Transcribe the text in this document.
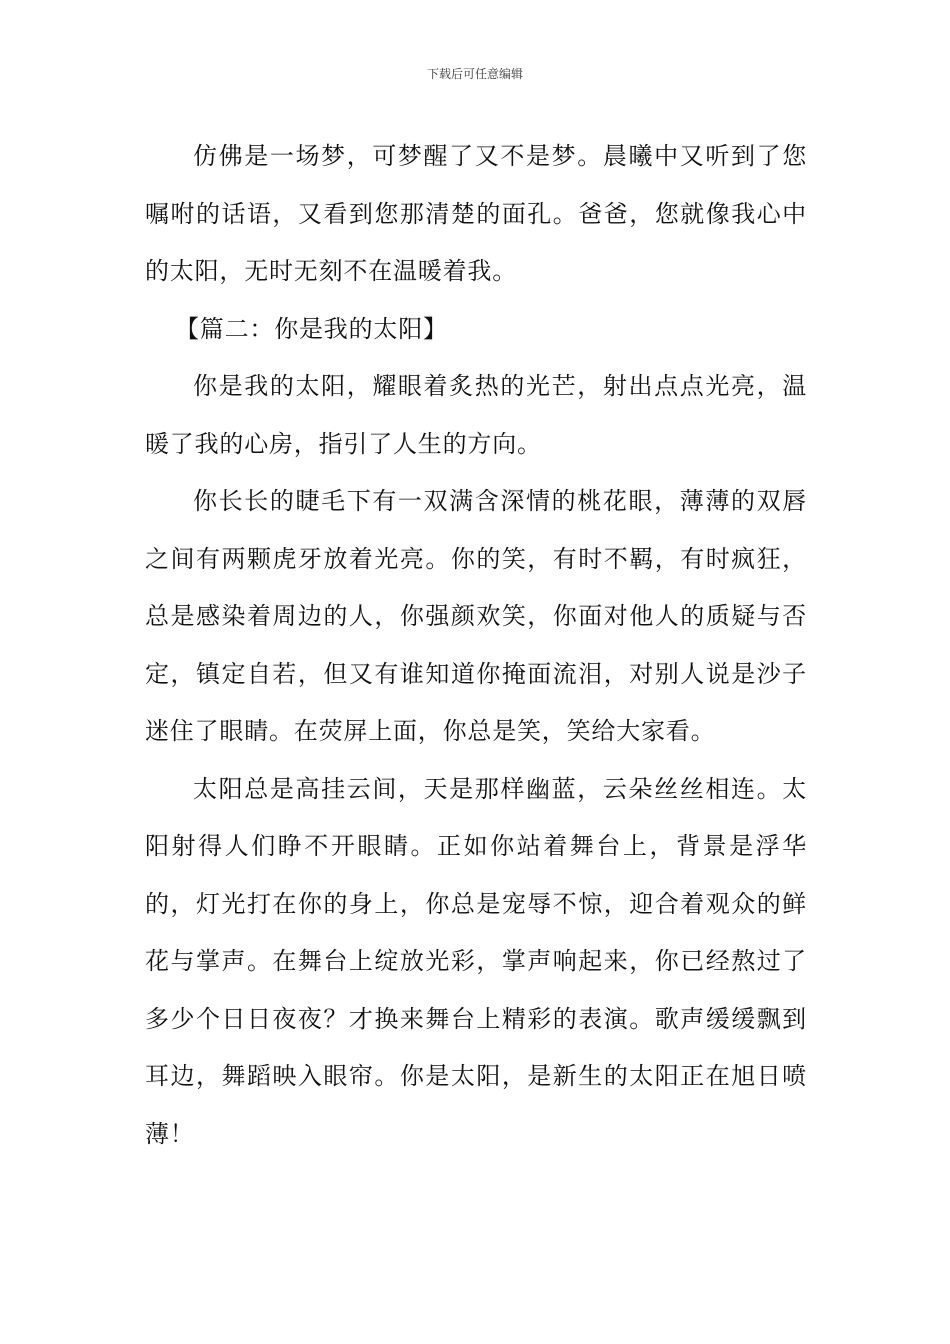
下载后可任意编辑

仿佛是一场梦，可梦醒了又不是梦。晨曦中又听到了您嘱咐的话语，又看到您那清楚的面孔。爸爸，您就像我心中的太阳，无时无刻不在温暖着我。

【篇二：你是我的太阳】

你是我的太阳，耀眼着炙热的光芒，射出点点光亮，温暖了我的心房，指引了人生的方向。

你长长的睫毛下有一双满含深情的桃花眼，薄薄的双唇之间有两颗虎牙放着光亮。你的笑，有时不羁，有时疯狂，总是感染着周边的人，你强颜欢笑，你面对他人的质疑与否定，镇定自若，但又有谁知道你掩面流泪，对别人说是沙子迷住了眼睛。在荧屏上面，你总是笑，笑给大家看。

太阳总是高挂云间，天是那样幽蓝，云朵丝丝相连。太阳射得人们睁不开眼睛。正如你站着舞台上，背景是浮华的，灯光打在你的身上，你总是宠辱不惊，迎合着观众的鲜花与掌声。在舞台上绽放光彩，掌声响起来，你已经熬过了多少个日日夜夜？才换来舞台上精彩的表演。歌声缓缓飘到耳边，舞蹈映入眼帘。你是太阳，是新生的太阳正在旭日喷薄！
